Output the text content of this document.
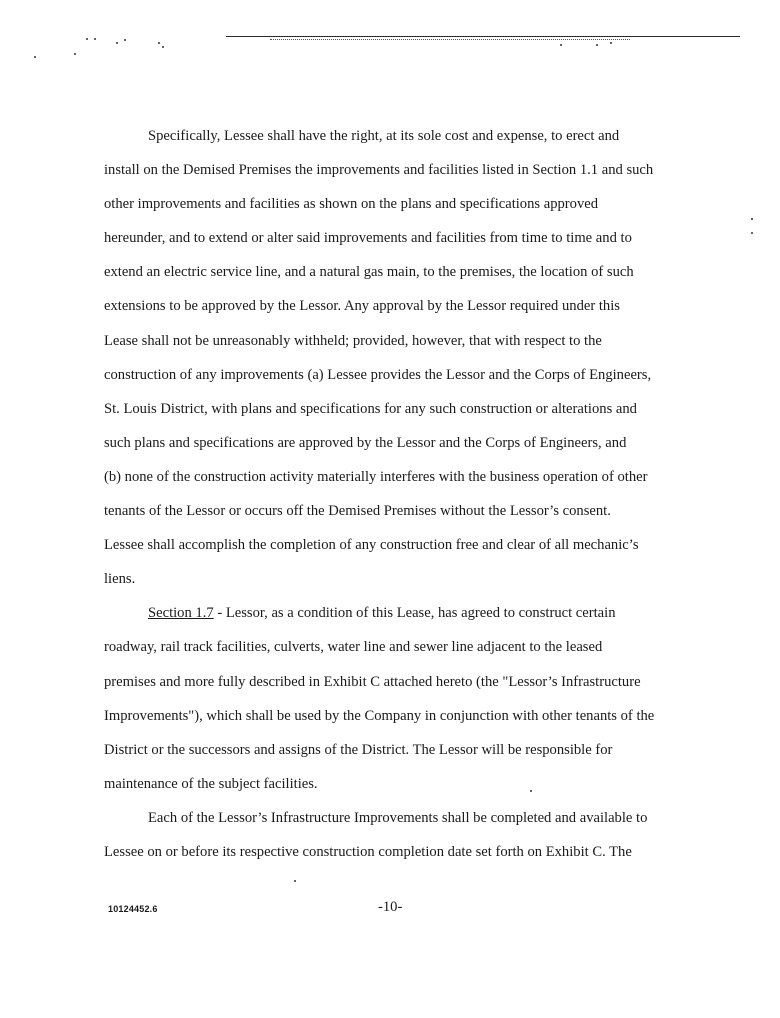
Specifically, Lessee shall have the right, at its sole cost and expense, to erect and
install on the Demised Premises the improvements and facilities listed in Section 1.1 and such
other improvements and facilities as shown on the plans and specifications approved
hereunder, and to extend or alter said improvements and facilities from time to time and to
extend an electric service line, and a natural gas main, to the premises, the location of such
extensions to be approved by the Lessor. Any approval by the Lessor required under this
Lease shall not be unreasonably withheld; provided, however, that with respect to the
construction of any improvements (a) Lessee provides the Lessor and the Corps of Engineers,
St. Louis District, with plans and specifications for any such construction or alterations and
such plans and specifications are approved by the Lessor and the Corps of Engineers, and
(b) none of the construction activity materially interferes with the business operation of other
tenants of the Lessor or occurs off the Demised Premises without the Lessor’s consent.
Lessee shall accomplish the completion of any construction free and clear of all mechanic’s
liens.

Section 1.7 - Lessor, as a condition of this Lease, has agreed to construct certain
roadway, rail track facilities, culverts, water line and sewer line adjacent to the leased
premises and more fully described in Exhibit C attached hereto (the "Lessor’s Infrastructure
Improvements"), which shall be used by the Company in conjunction with other tenants of the
District or the successors and assigns of the District. The Lessor will be responsible for
maintenance of the subject facilities.

Each of the Lessor’s Infrastructure Improvements shall be completed and available to
Lessee on or before its respective construction completion date set forth on Exhibit C. The

10124452.6	-10-
